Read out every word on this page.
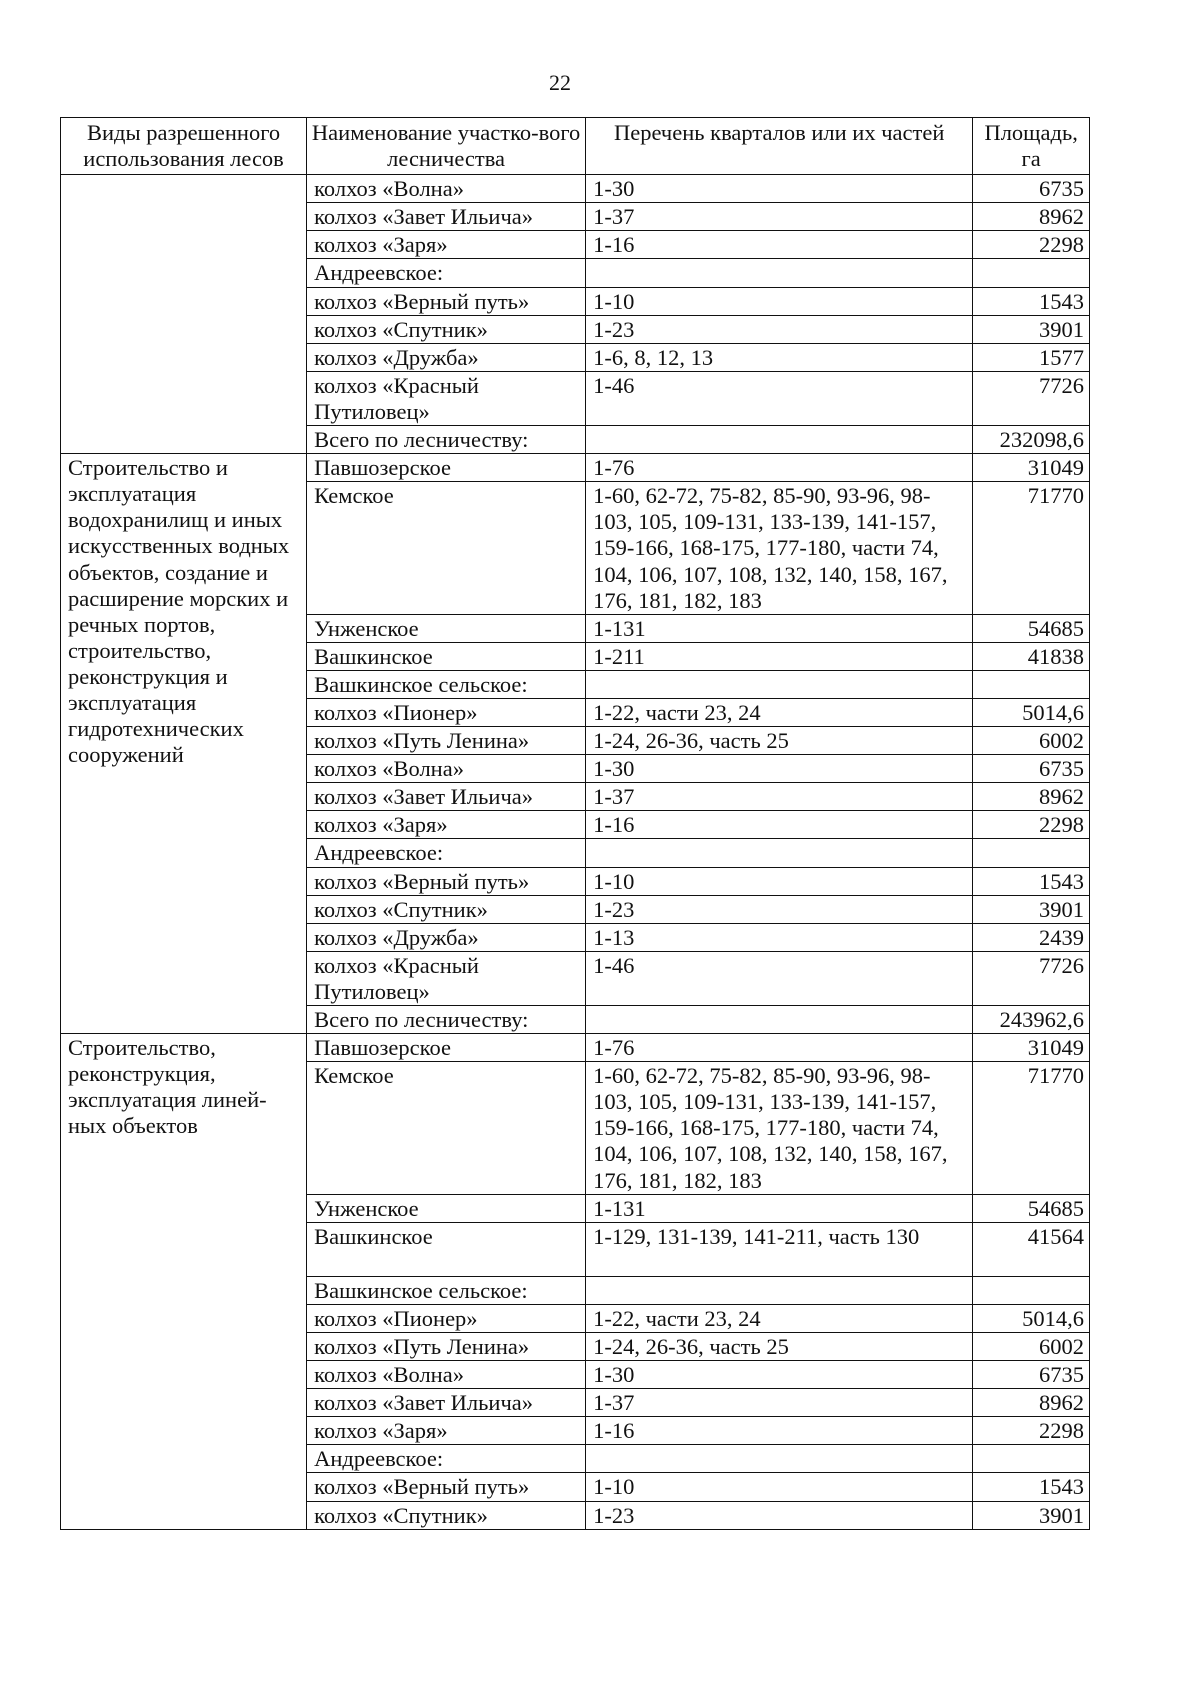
22
Виды разрешенного использования лесов	Наименование участко-вого лесничества	Перечень кварталов или их частей	Площадь, га
	колхоз «Волна»	1-30	6735
	колхоз «Завет Ильича»	1-37	8962
	колхоз «Заря»	1-16	2298
	Андреевское:		
	колхоз «Верный путь»	1-10	1543
	колхоз «Спутник»	1-23	3901
	колхоз «Дружба»	1-6, 8, 12, 13	1577
	колхоз «Красный Путиловец»	1-46	7726
	Всего по лесничеству:		232098,6
Строительство и эксплуатация водохранилищ и иных искусственных водных объектов, создание и расширение морских и речных портов, строительство, реконструкция и эксплуатация гидротехнических сооружений	Павшозерское	1-76	31049
	Кемское	1-60, 62-72, 75-82, 85-90, 93-96, 98-103, 105, 109-131, 133-139, 141-157, 159-166, 168-175, 177-180, части 74, 104, 106, 107, 108, 132, 140, 158, 167, 176, 181, 182, 183	71770
	Унженское	1-131	54685
	Вашкинское	1-211	41838
	Вашкинское сельское:		
	колхоз «Пионер»	1-22, части 23, 24	5014,6
	колхоз «Путь Ленина»	1-24, 26-36, часть 25	6002
	колхоз «Волна»	1-30	6735
	колхоз «Завет Ильича»	1-37	8962
	колхоз «Заря»	1-16	2298
	Андреевское:		
	колхоз «Верный путь»	1-10	1543
	колхоз «Спутник»	1-23	3901
	колхоз «Дружба»	1-13	2439
	колхоз «Красный Путиловец»	1-46	7726
	Всего по лесничеству:		243962,6
Строительство, реконструкция, эксплуатация линей-ных объектов	Павшозерское	1-76	31049
	Кемское	1-60, 62-72, 75-82, 85-90, 93-96, 98-103, 105, 109-131, 133-139, 141-157, 159-166, 168-175, 177-180, части 74, 104, 106, 107, 108, 132, 140, 158, 167, 176, 181, 182, 183	71770
	Унженское	1-131	54685
	Вашкинское	1-129, 131-139, 141-211, часть 130	41564
	Вашкинское сельское:		
	колхоз «Пионер»	1-22, части 23, 24	5014,6
	колхоз «Путь Ленина»	1-24, 26-36, часть 25	6002
	колхоз «Волна»	1-30	6735
	колхоз «Завет Ильича»	1-37	8962
	колхоз «Заря»	1-16	2298
	Андреевское:		
	колхоз «Верный путь»	1-10	1543
	колхоз «Спутник»	1-23	3901
